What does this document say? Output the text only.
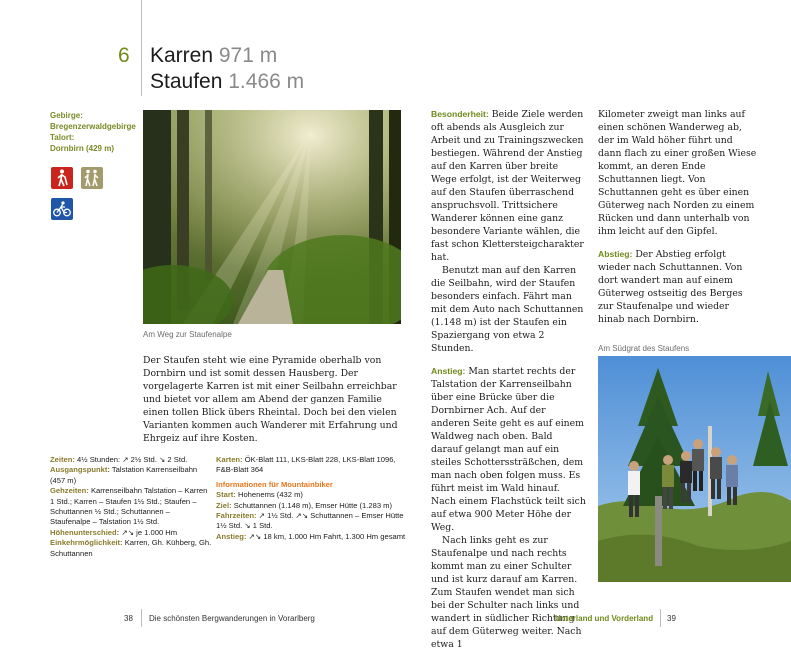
6 Karren 971 m
Staufen 1.466 m
Gebirge:
Bregenzerwaldgebirge
Talort:
Dornbirn (429 m)
Am Weg zur Staufenalpe
Der Staufen steht wie eine Pyramide oberhalb von Dornbirn und ist somit dessen Hausberg. Der vorgelagerte Karren ist mit einer Seilbahn erreichbar und bietet vor allem am Abend der ganzen Familie einen tollen Blick übers Rheintal. Doch bei den vielen Varianten kommen auch Wanderer mit Erfahrung und Ehrgeiz auf ihre Kosten.
Zeiten: 4½ Stunden: ↗ 2½ Std. ↘ 2 Std.
Ausgangspunkt: Talstation Karrenseilbahn (457 m)
Gehzeiten: Karrenseilbahn Talstation – Karren 1 Std.; Karren – Staufen 1½ Std.; Staufen – Schuttannen ½ Std.; Schuttannen – Staufenalpe – Talstation 1½ Std.
Höhenunterschied: ↗↘ je 1.000 Hm
Einkehrmöglichkeit: Karren, Gh. Kühberg, Gh. Schuttannen
Karten: ÖK-Blatt 111, LKS-Blatt 228, LKS-Blatt 1096, F&B-Blatt 364
Informationen für Mountainbiker
Start: Hohenems (432 m)
Ziel: Schuttannen (1.148 m), Emser Hütte (1.283 m)
Fahrzeiten: ↗ 1½ Std. ↗↘ Schuttannen – Emser Hütte 1½ Std. ↘ 1 Std.
Anstieg: ↗↘ 18 km, 1.000 Hm Fahrt, 1.300 Hm gesamt

Besonderheit: Beide Ziele werden oft abends als Ausgleich zur Arbeit und zu Trainingszwecken bestiegen. Während der Anstieg auf den Karren über breite Wege erfolgt, ist der Weiterweg auf den Staufen überraschend anspruchsvoll. Trittsichere Wanderer können eine ganz besondere Variante wählen, die fast schon Klettersteigcharakter hat.

Benutzt man auf den Karren die Seilbahn, wird der Staufen besonders einfach. Fährt man mit dem Auto nach Schuttannen (1.148 m) ist der Staufen ein Spaziergang von etwa 2 Stunden.

Anstieg: Man startet rechts der Talstation der Karrenseilbahn über eine Brücke über die Dornbirner Ach. Auf der anderen Seite geht es auf einem Waldweg nach oben. Bald darauf gelangt man auf ein steiles Schotterssträßchen, dem man nach oben folgen muss. Es führt meist im Wald hinauf. Nach einem Flachstück teilt sich auf etwa 900 Meter Höhe der Weg.

Nach links geht es zur Staufenalpe und nach rechts kommt man zu einer Schulter und ist kurz darauf am Karren. Zum Staufen wendet man sich bei der Schulter nach links und wandert in südlicher Richtung auf dem Güterweg weiter. Nach etwa 1

Kilometer zweigt man links auf einen schönen Wanderweg ab, der im Wald höher führt und dann flach zu einer großen Wiese kommt, an deren Ende Schuttannen liegt. Von Schuttannen geht es über einen Güterweg nach Norden zu einem Rücken und dann unterhalb von ihm leicht auf den Gipfel.

Abstieg: Der Abstieg erfolgt wieder nach Schuttannen. Von dort wandert man auf einem Güterweg ostseitig des Berges zur Staufenalpe und wieder hinab nach Dornbirn.

Am Südgrat des Staufens
38 Die schönsten Bergwanderungen in Vorarlberg	Unterland und Vorderland 39
